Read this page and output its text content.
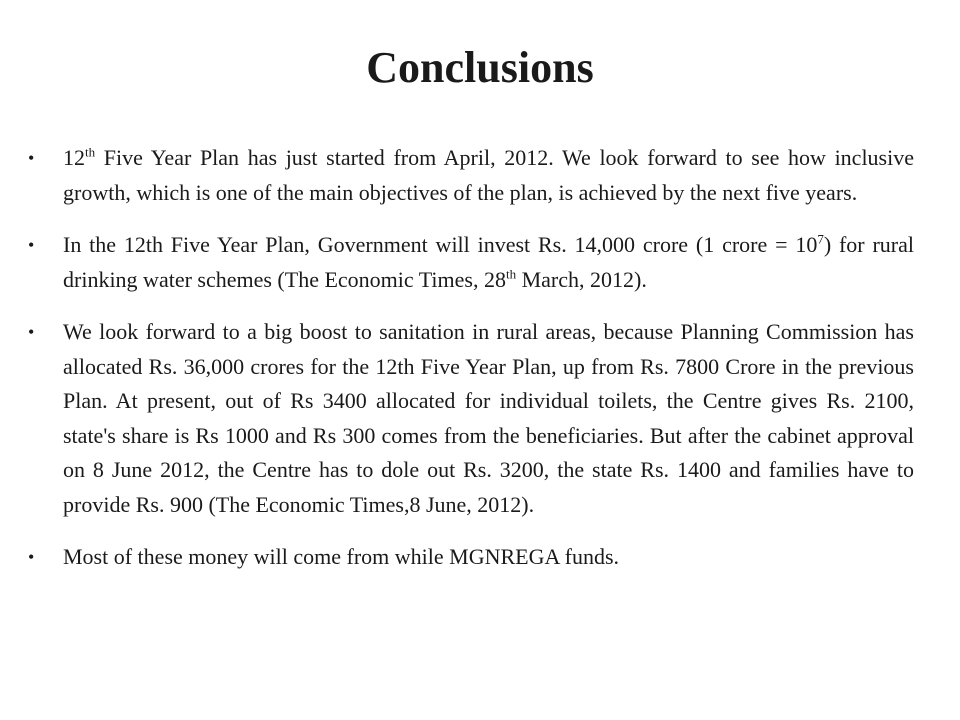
Conclusions
•	12th Five Year Plan has just started from April, 2012. We look forward to see how inclusive growth, which is one of the main objectives of the plan, is achieved by the next five years.
•	In the 12th Five Year Plan, Government will invest Rs. 14,000 crore (1 crore = $10^7$) for rural drinking water schemes (The Economic Times, 28th March, 2012).
•	We look forward to a big boost to sanitation in rural areas, because Planning Commission has allocated Rs. 36,000 crores for the 12th Five Year Plan, up from Rs. 7800 Crore in the previous Plan. At present, out of Rs 3400 allocated for individual toilets, the Centre gives Rs. 2100, state's share is Rs 1000 and Rs 300 comes from the beneficiaries. But after the cabinet approval on 8 June 2012, the Centre has to dole out Rs. 3200, the state Rs. 1400 and families have to provide Rs. 900 (The Economic Times,8 June, 2012).
•	Most of these money will come from while MGNREGA funds.
